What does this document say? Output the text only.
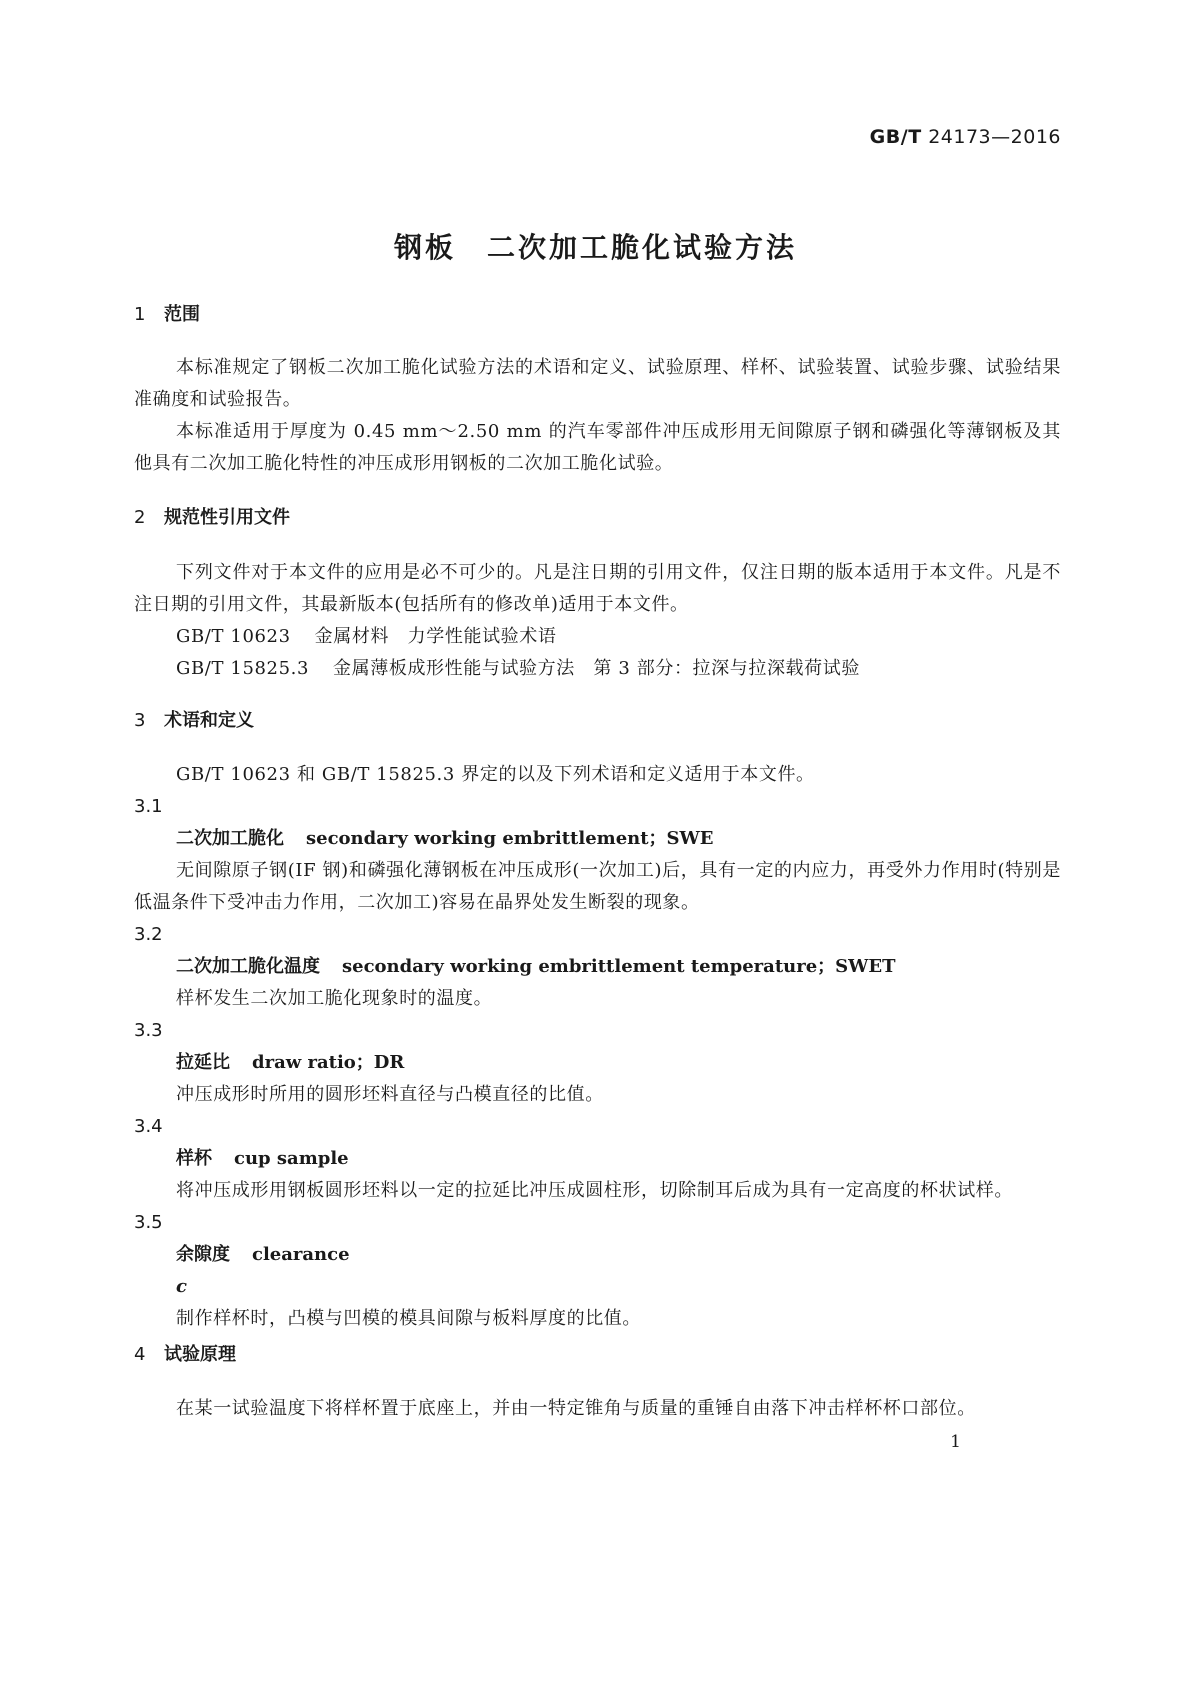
GB/T 24173—2016
钢板　二次加工脆化试验方法
1 范围

本标准规定了钢板二次加工脆化试验方法的术语和定义、试验原理、样杯、试验装置、试验步骤、试验结果准确度和试验报告。

本标准适用于厚度为 0.45 mm～2.50 mm 的汽车零部件冲压成形用无间隙原子钢和磷强化等薄钢板及其他具有二次加工脆化特性的冲压成形用钢板的二次加工脆化试验。

2 规范性引用文件

下列文件对于本文件的应用是必不可少的。凡是注日期的引用文件，仅注日期的版本适用于本文件。凡是不注日期的引用文件，其最新版本(包括所有的修改单)适用于本文件。

GB/T 10623 金属材料　力学性能试验术语

GB/T 15825.3 金属薄板成形性能与试验方法　第 3 部分：拉深与拉深载荷试验

3 术语和定义

GB/T 10623 和 GB/T 15825.3 界定的以及下列术语和定义适用于本文件。

3.1
二次加工脆化 secondary working embrittlement；SWE

无间隙原子钢(IF 钢)和磷强化薄钢板在冲压成形(一次加工)后，具有一定的内应力，再受外力作用时(特别是低温条件下受冲击力作用，二次加工)容易在晶界处发生断裂的现象。

3.2
二次加工脆化温度 secondary working embrittlement temperature；SWET

样杯发生二次加工脆化现象时的温度。

3.3
拉延比 draw ratio；DR

冲压成形时所用的圆形坯料直径与凸模直径的比值。

3.4
样杯 cup sample

将冲压成形用钢板圆形坯料以一定的拉延比冲压成圆柱形，切除制耳后成为具有一定高度的杯状试样。

3.5
余隙度 clearance
c

制作样杯时，凸模与凹模的模具间隙与板料厚度的比值。

4 试验原理

在某一试验温度下将样杯置于底座上，并由一特定锥角与质量的重锤自由落下冲击样杯杯口部位。

1
